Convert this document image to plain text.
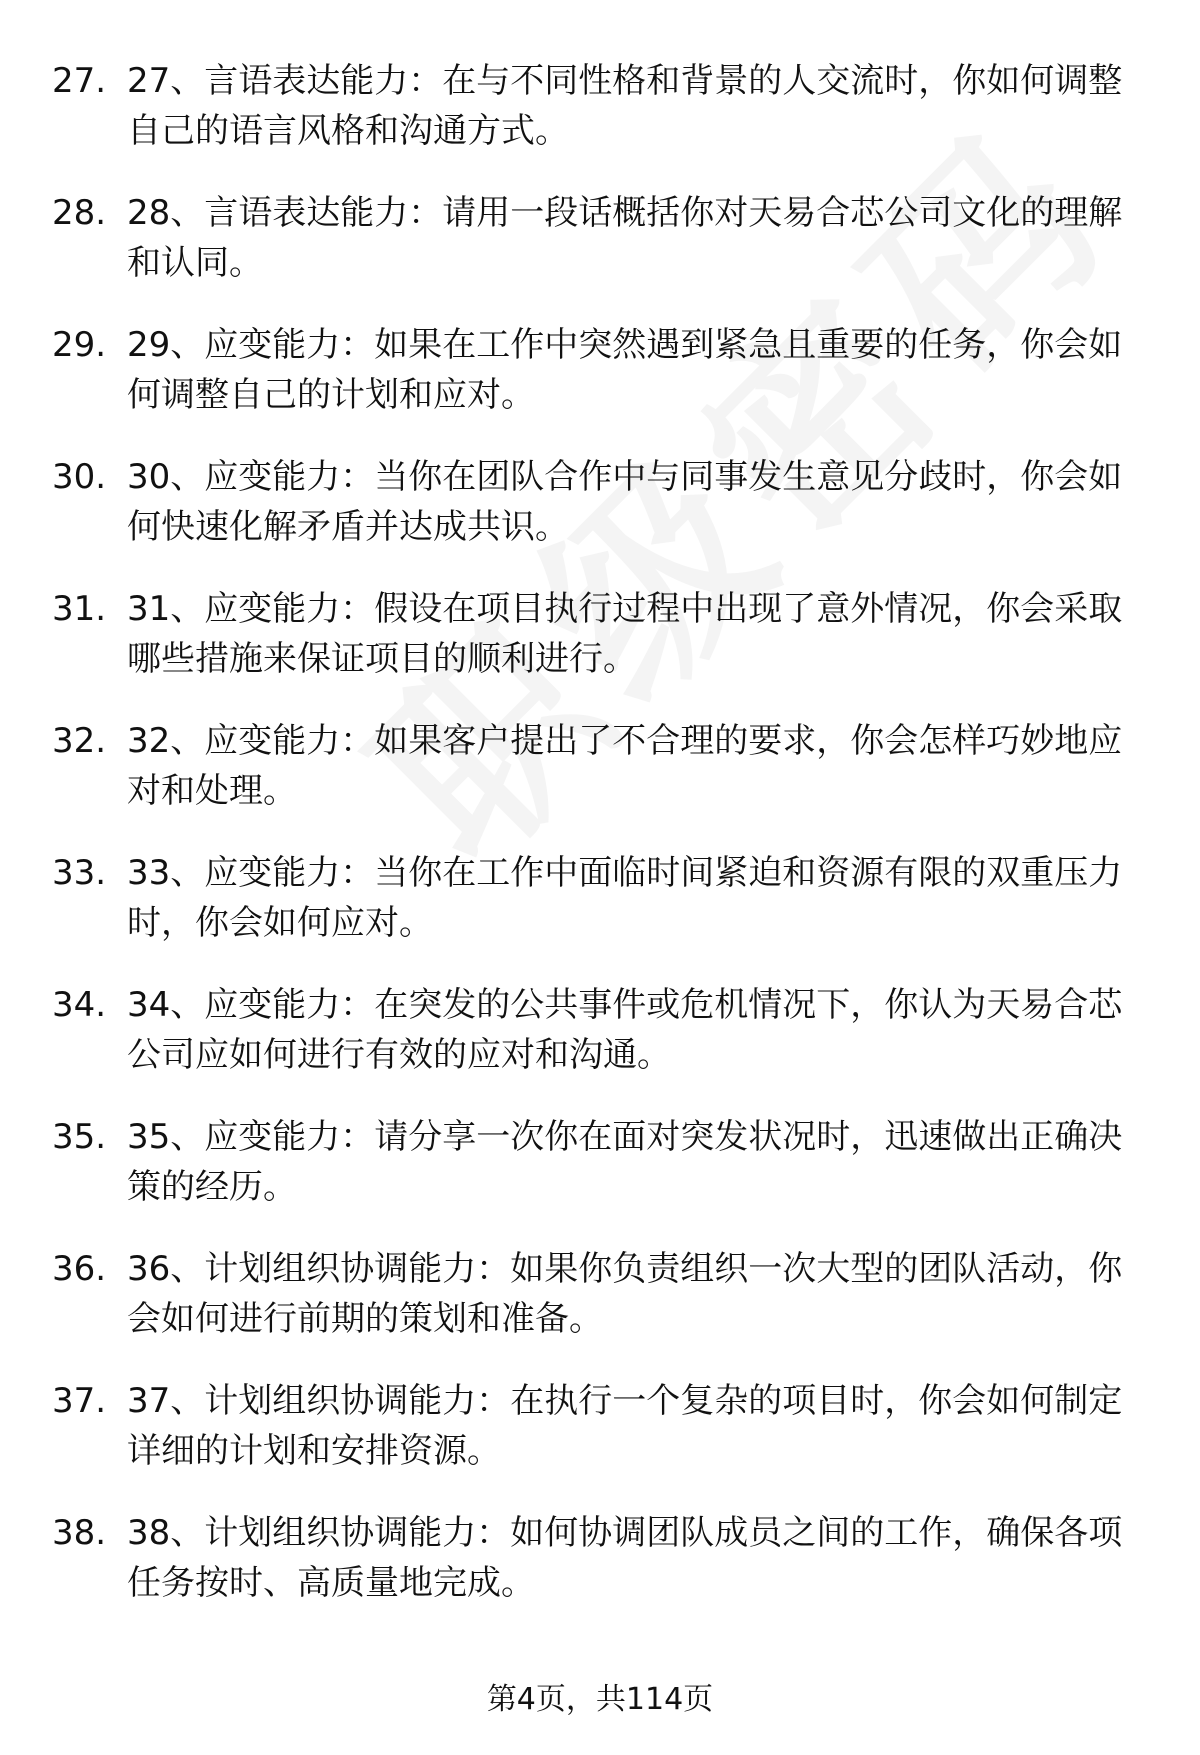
27. 27、言语表达能力：在与不同性格和背景的人交流时，你如何调整自己的语言风格和沟通方式。
28. 28、言语表达能力：请用一段话概括你对天易合芯公司文化的理解和认同。
29. 29、应变能力：如果在工作中突然遇到紧急且重要的任务，你会如何调整自己的计划和应对。
30. 30、应变能力：当你在团队合作中与同事发生意见分歧时，你会如何快速化解矛盾并达成共识。
31. 31、应变能力：假设在项目执行过程中出现了意外情况，你会采取哪些措施来保证项目的顺利进行。
32. 32、应变能力：如果客户提出了不合理的要求，你会怎样巧妙地应对和处理。
33. 33、应变能力：当你在工作中面临时间紧迫和资源有限的双重压力时，你会如何应对。
34. 34、应变能力：在突发的公共事件或危机情况下，你认为天易合芯公司应如何进行有效的应对和沟通。
35. 35、应变能力：请分享一次你在面对突发状况时，迅速做出正确决策的经历。
36. 36、计划组织协调能力：如果你负责组织一次大型的团队活动，你会如何进行前期的策划和准备。
37. 37、计划组织协调能力：在执行一个复杂的项目时，你会如何制定详细的计划和安排资源。
38. 38、计划组织协调能力：如何协调团队成员之间的工作，确保各项任务按时、高质量地完成。
第4页，共114页
